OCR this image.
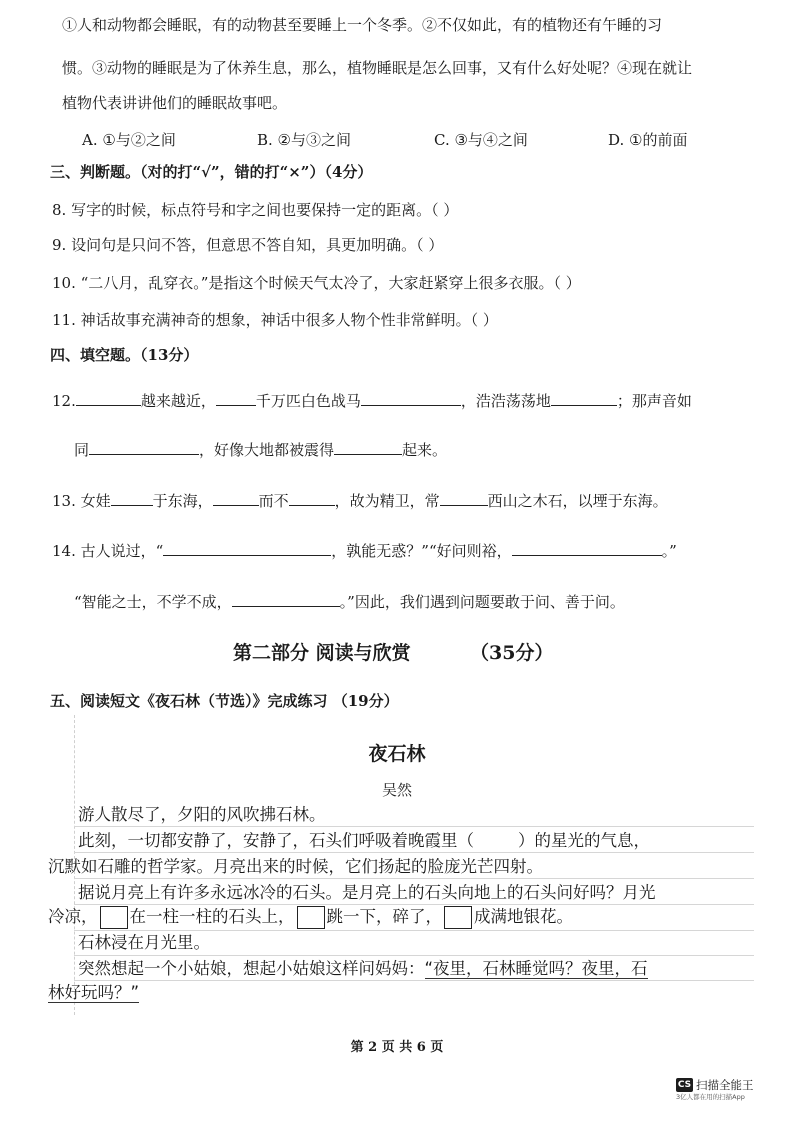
①人和动物都会睡眠，有的动物甚至要睡上一个冬季。②不仅如此，有的植物还有午睡的习
惯。③动物的睡眠是为了休养生息，那么，植物睡眠是怎么回事，又有什么好处呢？④现在就让
植物代表讲讲他们的睡眠故事吧。
A. ①与②之间	B. ②与③之间	C. ③与④之间	D. ①的前面
三、判断题。（对的打“√”，错的打“×”）（4分）
8. 写字的时候，标点符号和字之间也要保持一定的距离。（ ）
9. 设问句是只问不答，但意思不答自知，具更加明确。（ ）
10. “二八月，乱穿衣。”是指这个时候天气太冷了，大家赶紧穿上很多衣服。（ ）
11. 神话故事充满神奇的想象，神话中很多人物个性非常鲜明。（ ）
四、填空题。（13分）
12.	越来越近，	千万匹白色战马	，浩浩荡荡地	；那声音如
同	，好像大地都被震得	起来。
13. 女娃	于东海，	而不	，故为精卫，常	西山之木石，以堙于东海。
14. 古人说过，“	，孰能无惑？”“好问则裕，	。”
“智能之士，不学不成，	。”因此，我们遇到问题要敢于问、善于问。
第二部分 阅读与欣赏	（35分）
五、阅读短文《夜石林（节选）》完成练习 （19分）
夜石林
吴然
游人散尽了，夕阳的风吹拂石林。
此刻，一切都安静了，安静了，石头们呼吸着晚霞里（	）的星光的气息，
沉默如石雕的哲学家。月亮出来的时候，它们扬起的脸庞光芒四射。
据说月亮上有许多永远冰冷的石头。是月亮上的石头向地上的石头问好吗？月光
冷凉， 在一柱一柱的石头上， 跳一下，碎了， 成满地银花。
石林浸在月光里。
突然想起一个小姑娘，想起小姑娘这样问妈妈：“夜里，石林睡觉吗？夜里，石
林好玩吗？”
第 2 页 共 6 页
CS 扫描全能王
3亿人都在用的扫描App
